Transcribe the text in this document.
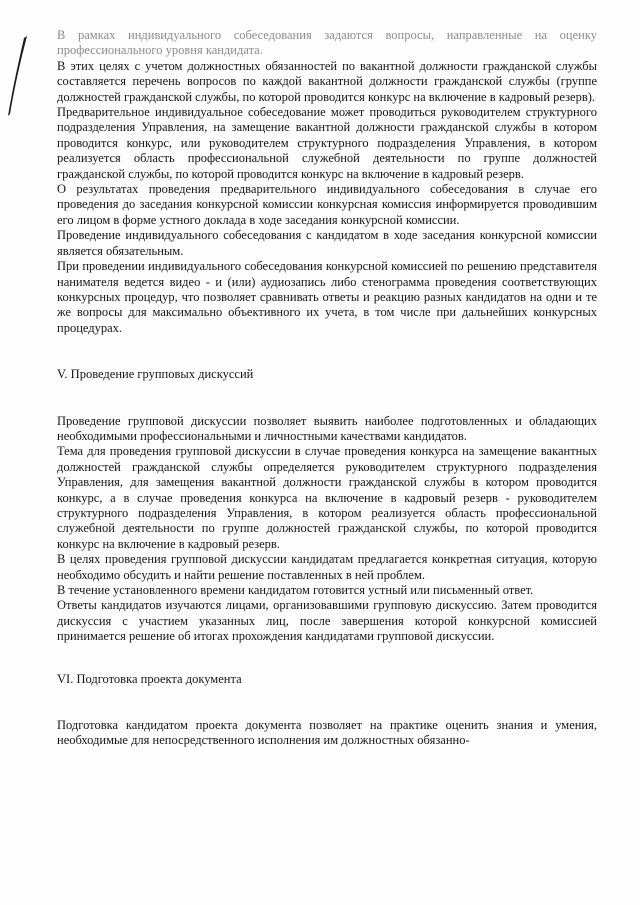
В рамках индивидуального собеседования задаются вопросы, направленные на оценку профессионального уровня кандидата.

В этих целях с учетом должностных обязанностей по вакантной должности гражданской службы составляется перечень вопросов по каждой вакантной должности гражданской службы (группе должностей гражданской службы, по которой проводится конкурс на включение в кадровый резерв).

Предварительное индивидуальное собеседование может проводиться руководителем структурного подразделения Управления, на замещение вакантной должности гражданской службы в котором проводится конкурс, или руководителем структурного подразделения Управления, в котором реализуется область профессиональной служебной деятельности по группе должностей гражданской службы, по которой проводится конкурс на включение в кадровый резерв.

О результатах проведения предварительного индивидуального собеседования в случае его проведения до заседания конкурсной комиссии конкурсная комиссия информируется проводившим его лицом в форме устного доклада в ходе заседания конкурсной комиссии.

Проведение индивидуального собеседования с кандидатом в ходе заседания конкурсной комиссии является обязательным.

При проведении индивидуального собеседования конкурсной комиссией по решению представителя нанимателя ведется видео - и (или) аудиозапись либо стенограмма проведения соответствующих конкурсных процедур, что позволяет сравнивать ответы и реакцию разных кандидатов на одни и те же вопросы для максимально объективного их учета, в том числе при дальнейших конкурсных процедурах.

V. Проведение групповых дискуссий

Проведение групповой дискуссии позволяет выявить наиболее подготовленных и обладающих необходимыми профессиональными и личностными качествами кандидатов.

Тема для проведения групповой дискуссии в случае проведения конкурса на замещение вакантных должностей гражданской службы определяется руководителем структурного подразделения Управления, для замещения вакантной должности гражданской службы в котором проводится конкурс, а в случае проведения конкурса на включение в кадровый резерв - руководителем структурного подразделения Управления, в котором реализуется область профессиональной служебной деятельности по группе должностей гражданской службы, по которой проводится конкурс на включение в кадровый резерв.

В целях проведения групповой дискуссии кандидатам предлагается конкретная ситуация, которую необходимо обсудить и найти решение поставленных в ней проблем.

В течение установленного времени кандидатом готовится устный или письменный ответ.

Ответы кандидатов изучаются лицами, организовавшими групповую дискуссию. Затем проводится дискуссия с участием указанных лиц, после завершения которой конкурсной комиссией принимается решение об итогах прохождения кандидатами групповой дискуссии.

VI. Подготовка проекта документа

Подготовка кандидатом проекта документа позволяет на практике оценить знания и умения, необходимые для непосредственного исполнения им должностных обязанно-
